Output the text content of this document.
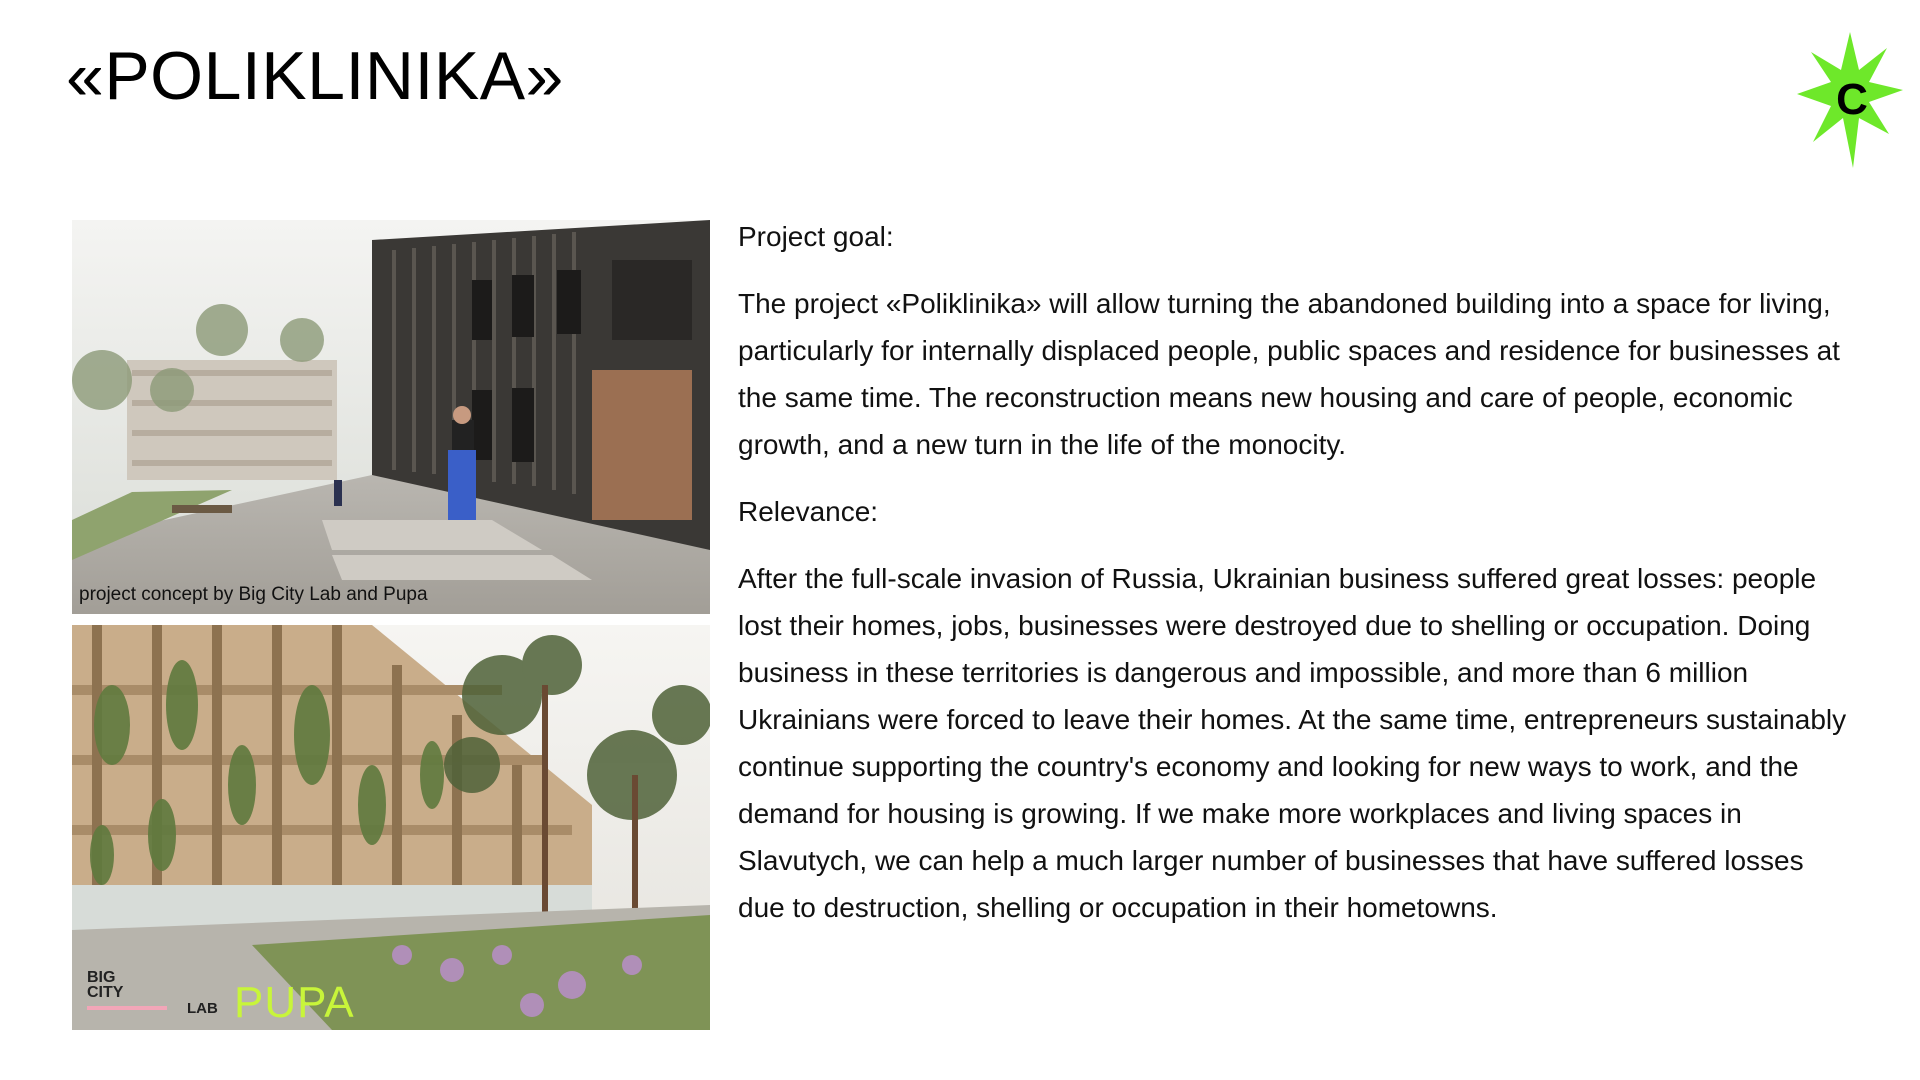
«POLIKLINIKA»	C
project concept by Big City Lab and Pupa
BIG
CITY
LAB PUPA

Project goal:

The project «Poliklinika» will allow turning the abandoned building into a space for living, particularly for internally displaced people, public spaces and residence for businesses at the same time. The reconstruction means new housing and care of people, economic growth, and a new turn in the life of the monocity.

Relevance:

After the full-scale invasion of Russia, Ukrainian business suffered great losses: people lost their homes, jobs, businesses were destroyed due to shelling or occupation. Doing business in these territories is dangerous and impossible, and more than 6 million Ukrainians were forced to leave their homes. At the same time, entrepreneurs sustainably continue supporting the country's economy and looking for new ways to work, and the demand for housing is growing. If we make more workplaces and living spaces in Slavutych, we can help a much larger number of businesses that have suffered losses due to destruction, shelling or occupation in their hometowns.
